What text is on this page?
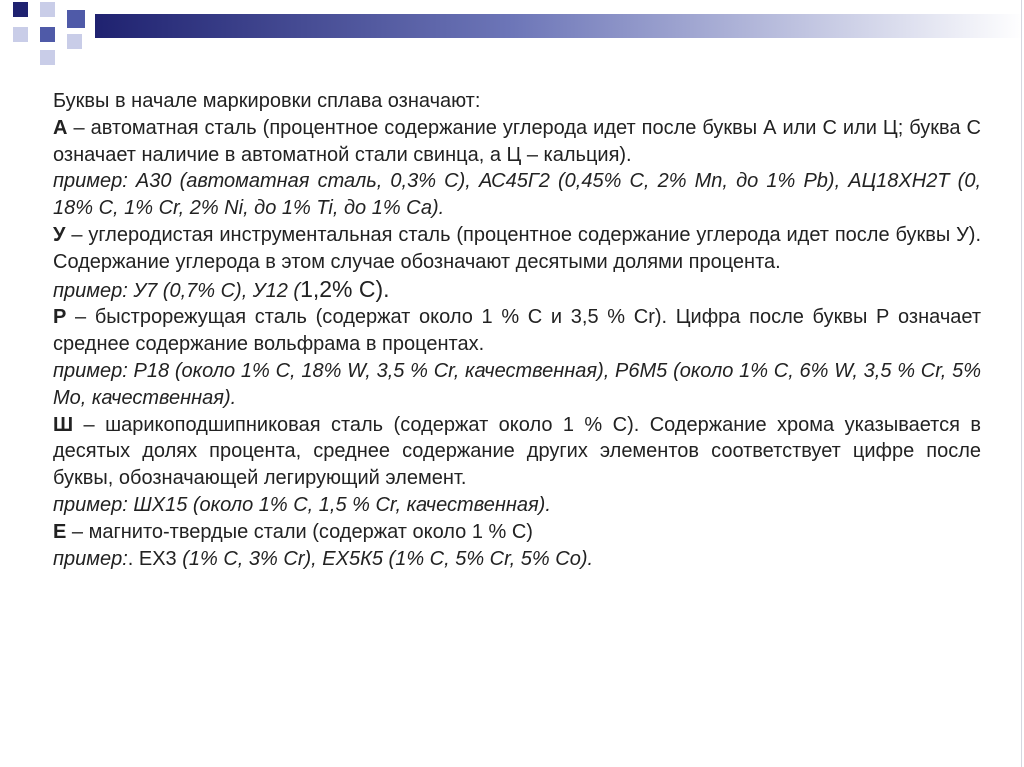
Буквы в начале маркировки сплава означают:

А – автоматная сталь (процентное содержание углерода идет после буквы А или С или Ц; буква С означает наличие в автоматной стали свинца, а Ц – кальция).

пример: А30 (автоматная сталь, 0,3% С), АС45Г2 (0,45% С, 2% Mn, до 1% Pb), АЦ18ХН2Т (0, 18% С, 1% Cr, 2% Ni, до 1% Ti, до 1% Са).

У – углеродистая инструментальная сталь (процентное содержание углерода идет после буквы У). Содержание углерода в этом случае обозначают десятыми долями процента.

пример: У7 (0,7% С), У12 (1,2% С).

Р – быстрорежущая сталь (содержат около 1 % С и 3,5 % Cr). Цифра после буквы Р означает среднее содержание вольфрама в процентах.

пример: Р18 (около 1% С, 18% W, 3,5 % Cr, качественная), Р6М5 (около 1% С, 6% W, 3,5 % Cr, 5% Mo, качественная).

Ш – шарикоподшипниковая сталь (содержат около 1 % С). Содержание хрома указывается в десятых долях процента, среднее содержание других элементов соответствует цифре после буквы, обозначающей легирующий элемент.

пример: ШХ15 (около 1% С, 1,5 % Cr, качественная).

Е – магнито-твердые стали (содержат около 1 % С)

пример:. ЕХ3 (1% С, 3% Cr), ЕХ5К5 (1% С, 5% Cr, 5% Co).
